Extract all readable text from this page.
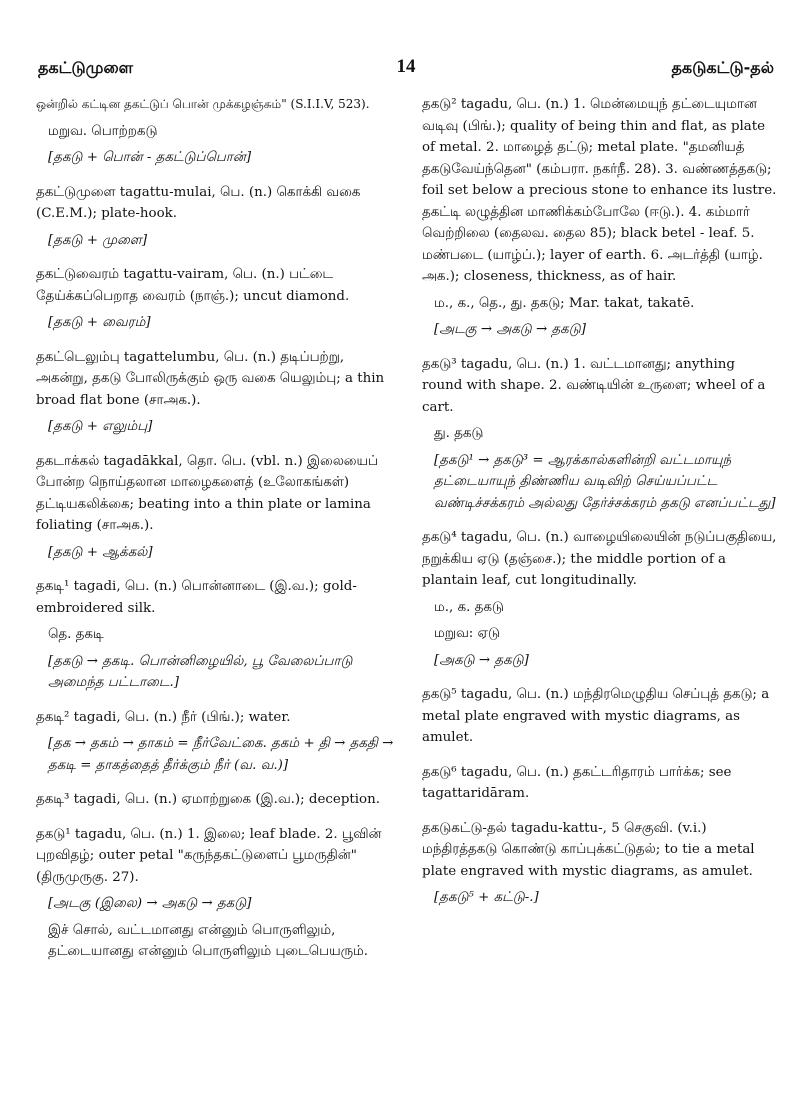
தகட்டுமுளை	14	தகடுகட்டு-தல்

ஒன்றில் கட்டின தகட்டுப் பொன் முக்கழஞ்சும்" (S.I.I.V, 523).

மறுவ. பொற்றகடு

[தகடு + பொன் - தகட்டுப்பொன்]

தகட்டுமுளை tagattu-mulai, பெ. (n.) கொக்கி வகை (C.E.M.); plate-hook.

[தகடு + முளை]

தகட்டுவைரம் tagattu-vairam, பெ. (n.) பட்டை தேய்க்கப்பெறாத வைரம் (நாஞ்.); uncut diamond.

[தகடு + வைரம்]

தகட்டெலும்பு tagattelumbu, பெ. (n.) தடிப்பற்று, அகன்று, தகடு போலிருக்கும் ஒரு வகை யெலும்பு; a thin broad flat bone (சாஅக.).

[தகடு + எலும்பு]

தகடாக்கல் tagadākkal, தொ. பெ. (vbl. n.) இலையைப் போன்ற நொய்தலான மாழைகளைத் (உலோகங்கள்) தட்டியகலிக்கை; beating into a thin plate or lamina foliating (சாஅக.).

[தகடு + ஆக்கல்]

தகடி¹ tagadi, பெ. (n.) பொன்னாடை (இ.வ.); gold-embroidered silk.

தெ. தகடி

[தகடு → தகடி. பொன்னிழையில், பூ வேலைப்பாடு அமைந்த பட்டாடை.]

தகடி² tagadi, பெ. (n.) நீர் (பிங்.); water.

[தக → தகம் → தாகம் = நீர்வேட்கை. தகம் + தி → தகதி → தகடி = தாகத்தைத் தீர்க்கும் நீர் (வ. வ.)]

தகடி³ tagadi, பெ. (n.) ஏமாற்றுகை (இ.வ.); deception.

தகடு¹ tagadu, பெ. (n.) 1. இலை; leaf blade. 2. பூவின் புறவிதழ்; outer petal "கருந்தகட்டுளைப் பூமருதின்" (திருமுருகு. 27).

[அடகு (இலை) → அகடு → தகடு]

இச் சொல், வட்டமானது என்னும் பொருளிலும், தட்டையானது என்னும் பொருளிலும் புடைபெயரும்.

தகடு² tagadu, பெ. (n.) 1. மென்மையுந் தட்டையுமான வடிவு (பிங்.); quality of being thin and flat, as plate of metal. 2. மாழைத் தட்டு; metal plate. "தமனியத் தகடுவேய்ந்தென" (கம்பரா. நகர்நீ. 28). 3. வண்ணத்தகடு; foil set below a precious stone to enhance its lustre. தகட்டி லழுத்தின மாணிக்கம்போலே (ஈடு.). 4. கம்மார் வெற்றிலை (தைலவ. தைல 85); black betel - leaf. 5. மண்படை (யாழ்ப்.); layer of earth. 6. அடர்த்தி (யாழ். அக.); closeness, thickness, as of hair.

ம., க., தெ., து. தகடு; Mar. takat, takatē.

[அடகு → அகடு → தகடு]

தகடு³ tagadu, பெ. (n.) 1. வட்டமானது; anything round with shape. 2. வண்டியின் உருளை; wheel of a cart.

து. தகடு

[தகடு¹ → தகடு³ = ஆரக்கால்களின்றி வட்டமாயுந் தட்டையாயுந் திண்ணிய வடிவிற் செய்யப்பட்ட வண்டிச்சக்கரம் அல்லது தேர்ச்சக்கரம் தகடு எனப்பட்டது]

தகடு⁴ tagadu, பெ. (n.) வாழையிலையின் நடுப்பகுதியை, நறுக்கிய ஏடு (தஞ்சை.); the middle portion of a plantain leaf, cut longitudinally.

ம., க. தகடு

மறுவ: ஏடு

[அகடு → தகடு]

தகடு⁵ tagadu, பெ. (n.) மந்திரமெழுதிய செப்புத் தகடு; a metal plate engraved with mystic diagrams, as amulet.

தகடு⁶ tagadu, பெ. (n.) தகட்டரிதாரம் பார்க்க; see tagattaridāram.

தகடுகட்டு-தல் tagadu-kattu-, 5 செகுவி. (v.i.) மந்திரத்தகடு கொண்டு காப்புக்கட்டுதல்; to tie a metal plate engraved with mystic diagrams, as amulet.

[தகடு⁵ + கட்டு-.]
